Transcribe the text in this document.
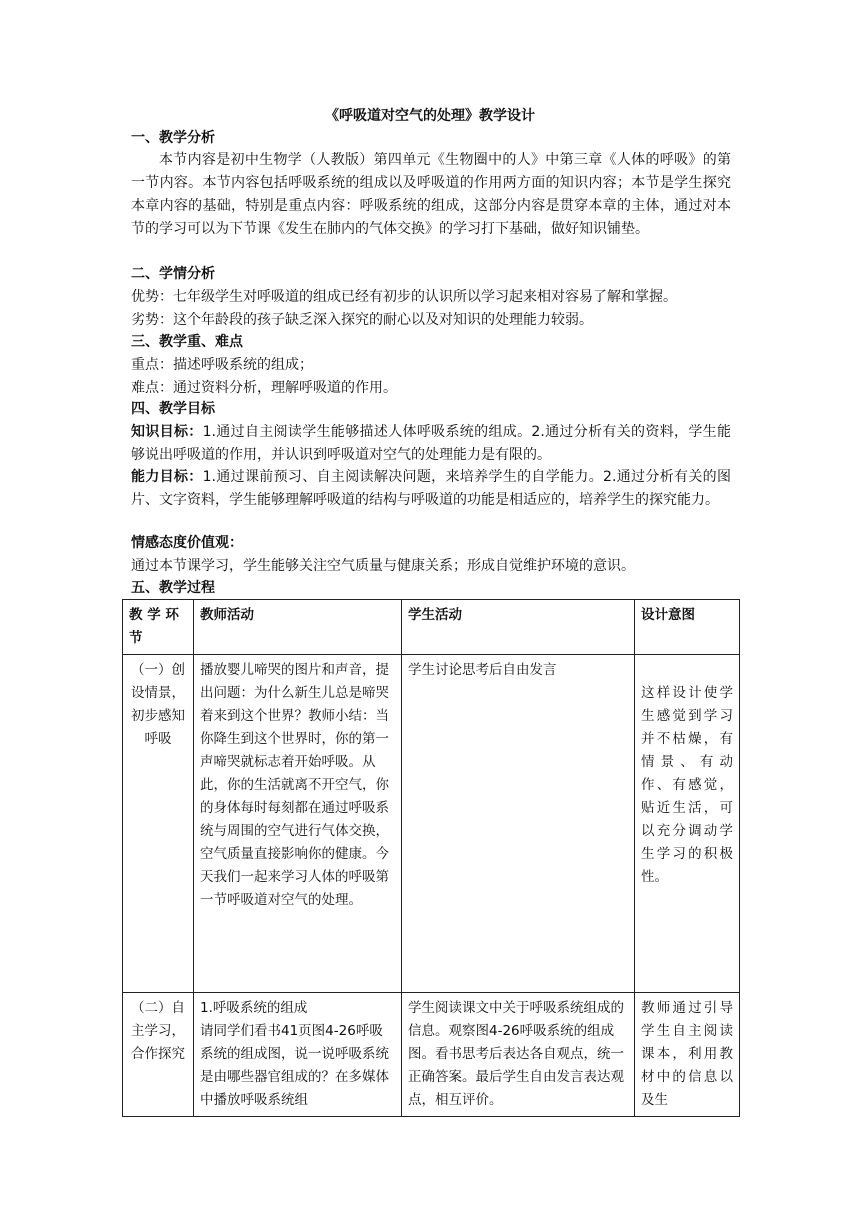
《呼吸道对空气的处理》教学设计
一、教学分析
本节内容是初中生物学（人教版）第四单元《生物圈中的人》中第三章《人体的呼吸》的第一节内容。本节内容包括呼吸系统的组成以及呼吸道的作用两方面的知识内容；本节是学生探究本章内容的基础，特别是重点内容：呼吸系统的组成，这部分内容是贯穿本章的主体，通过对本节的学习可以为下节课《发生在肺内的气体交换》的学习打下基础，做好知识铺垫。
二、学情分析
优势：七年级学生对呼吸道的组成已经有初步的认识所以学习起来相对容易了解和掌握。
劣势：这个年龄段的孩子缺乏深入探究的耐心以及对知识的处理能力较弱。
三、教学重、难点
重点：描述呼吸系统的组成；
难点：通过资料分析，理解呼吸道的作用。
四、教学目标
知识目标：1.通过自主阅读学生能够描述人体呼吸系统的组成。2.通过分析有关的资料，学生能够说出呼吸道的作用，并认识到呼吸道对空气的处理能力是有限的。
能力目标：1.通过课前预习、自主阅读解决问题，来培养学生的自学能力。2.通过分析有关的图片、文字资料，学生能够理解呼吸道的结构与呼吸道的功能是相适应的，培养学生的探究能力。
情感态度价值观：
通过本节课学习，学生能够关注空气质量与健康关系；形成自觉维护环境的意识。
五、教学过程
教 学 环节	教师活动	学生活动	设计意图
（一）创设情景，初步感知呼吸	播放婴儿啼哭的图片和声音，提出问题：为什么新生儿总是啼哭着来到这个世界？教师小结：当你降生到这个世界时，你的第一声啼哭就标志着开始呼吸。从此，你的生活就离不开空气，你的身体每时每刻都在通过呼吸系统与周围的空气进行气体交换，空气质量直接影响你的健康。今天我们一起来学习人体的呼吸第一节呼吸道对空气的处理。	学生讨论思考后自由发言	这样设计使学生感觉到学习并不枯燥，有情景、有动作、有感觉，贴近生活，可以充分调动学生学习的积极性。
（二）自主学习，合作探究	1.呼吸系统的组成
请同学们看书41页图4-26呼吸系统的组成图，说一说呼吸系统是由哪些器官组成的？在多媒体中播放呼吸系统组	学生阅读课文中关于呼吸系统组成的信息。观察图4-26呼吸系统的组成图。看书思考后表达各自观点，统一正确答案。最后学生自由发言表达观点，相互评价。	教师通过引导学生自主阅读课本，利用教材中的信息以及生
